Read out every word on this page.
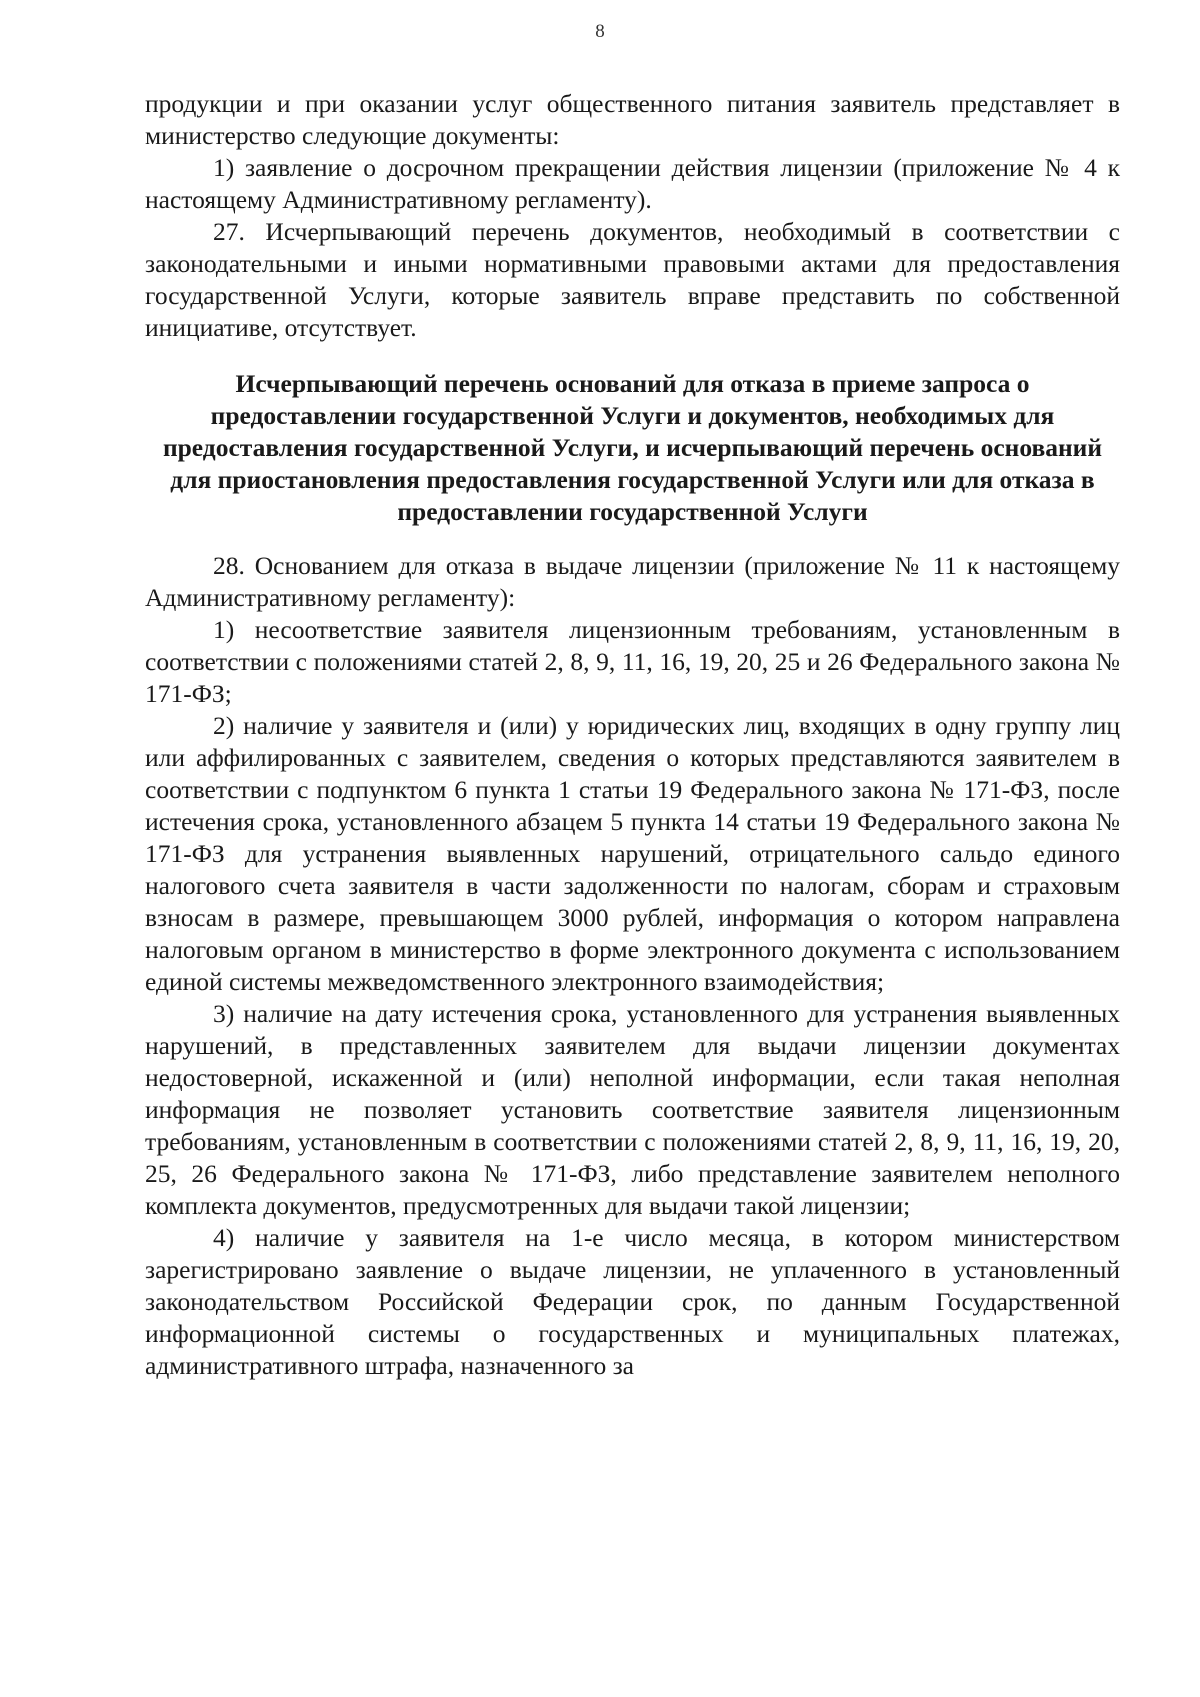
8

продукции и при оказании услуг общественного питания заявитель представляет в министерство следующие документы:

1) заявление о досрочном прекращении действия лицензии (приложение № 4 к настоящему Административному регламенту).

27. Исчерпывающий перечень документов, необходимый в соответствии с законодательными и иными нормативными правовыми актами для предоставления государственной Услуги, которые заявитель вправе представить по собственной инициативе, отсутствует.

Исчерпывающий перечень оснований для отказа в приеме запроса о предоставлении государственной Услуги и документов, необходимых для предоставления государственной Услуги, и исчерпывающий перечень оснований для приостановления предоставления государственной Услуги или для отказа в предоставлении государственной Услуги

28. Основанием для отказа в выдаче лицензии (приложение № 11 к настоящему Административному регламенту):

1) несоответствие заявителя лицензионным требованиям, установленным в соответствии с положениями статей 2, 8, 9, 11, 16, 19, 20, 25 и 26 Федерального закона № 171-ФЗ;

2) наличие у заявителя и (или) у юридических лиц, входящих в одну группу лиц или аффилированных с заявителем, сведения о которых представляются заявителем в соответствии с подпунктом 6 пункта 1 статьи 19 Федерального закона № 171-ФЗ, после истечения срока, установленного абзацем 5 пункта 14 статьи 19 Федерального закона № 171-ФЗ для устранения выявленных нарушений, отрицательного сальдо единого налогового счета заявителя в части задолженности по налогам, сборам и страховым взносам в размере, превышающем 3000 рублей, информация о котором направлена налоговым органом в министерство в форме электронного документа с использованием единой системы межведомственного электронного взаимодействия;

3) наличие на дату истечения срока, установленного для устранения выявленных нарушений, в представленных заявителем для выдачи лицензии документах недостоверной, искаженной и (или) неполной информации, если такая неполная информация не позволяет установить соответствие заявителя лицензионным требованиям, установленным в соответствии с положениями статей 2, 8, 9, 11, 16, 19, 20, 25, 26 Федерального закона № 171-ФЗ, либо представление заявителем неполного комплекта документов, предусмотренных для выдачи такой лицензии;

4) наличие у заявителя на 1-е число месяца, в котором министерством зарегистрировано заявление о выдаче лицензии, не уплаченного в установленный законодательством Российской Федерации срок, по данным Государственной информационной системы о государственных и муниципальных платежах, административного штрафа, назначенного за
